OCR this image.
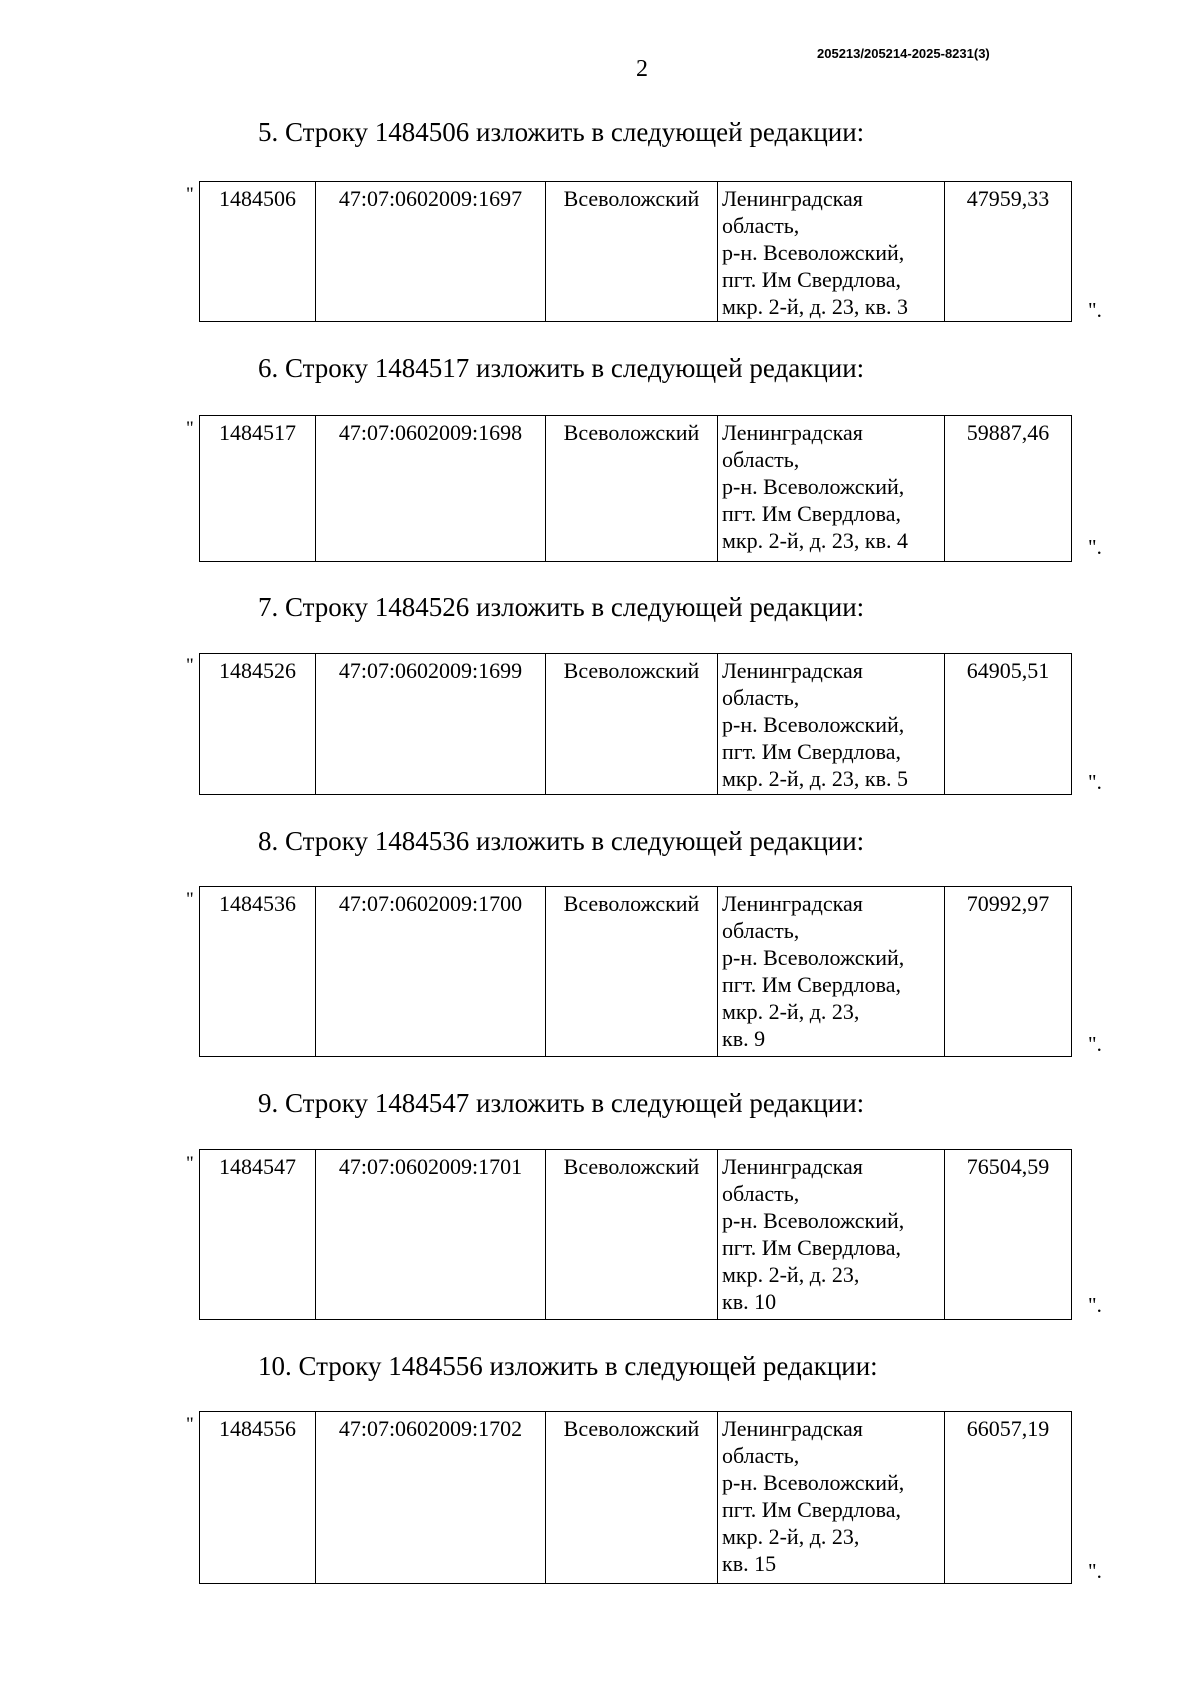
2
205213/205214-2025-8231(3)
5. Строку 1484506 изложить в следующей редакции:
" 1484506	47:07:0602009:1697	Всеволожский	Ленинградская
область,
р-н. Всеволожский,
пгт. Им Свердлова,
мкр. 2-й, д. 23, кв. 3
	47959,33
".
6. Строку 1484517 изложить в следующей редакции:
" 1484517	47:07:0602009:1698	Всеволожский	Ленинградская
область,
р-н. Всеволожский,
пгт. Им Свердлова,
мкр. 2-й, д. 23, кв. 4
	59887,46
".
7. Строку 1484526 изложить в следующей редакции:
" 1484526	47:07:0602009:1699	Всеволожский	Ленинградская
область,
р-н. Всеволожский,
пгт. Им Свердлова,
мкр. 2-й, д. 23, кв. 5
	64905,51
".
8. Строку 1484536 изложить в следующей редакции:
" 1484536	47:07:0602009:1700	Всеволожский	Ленинградская
область,
р-н. Всеволожский,
пгт. Им Свердлова,
мкр. 2-й, д. 23,
кв. 9
	70992,97
".
9. Строку 1484547 изложить в следующей редакции:
" 1484547	47:07:0602009:1701	Всеволожский	Ленинградская
область,
р-н. Всеволожский,
пгт. Им Свердлова,
мкр. 2-й, д. 23,
кв. 10
	76504,59
".
10. Строку 1484556 изложить в следующей редакции:
" 1484556	47:07:0602009:1702	Всеволожский	Ленинградская
область,
р-н. Всеволожский,
пгт. Им Свердлова,
мкр. 2-й, д. 23,
кв. 15
	66057,19
".
